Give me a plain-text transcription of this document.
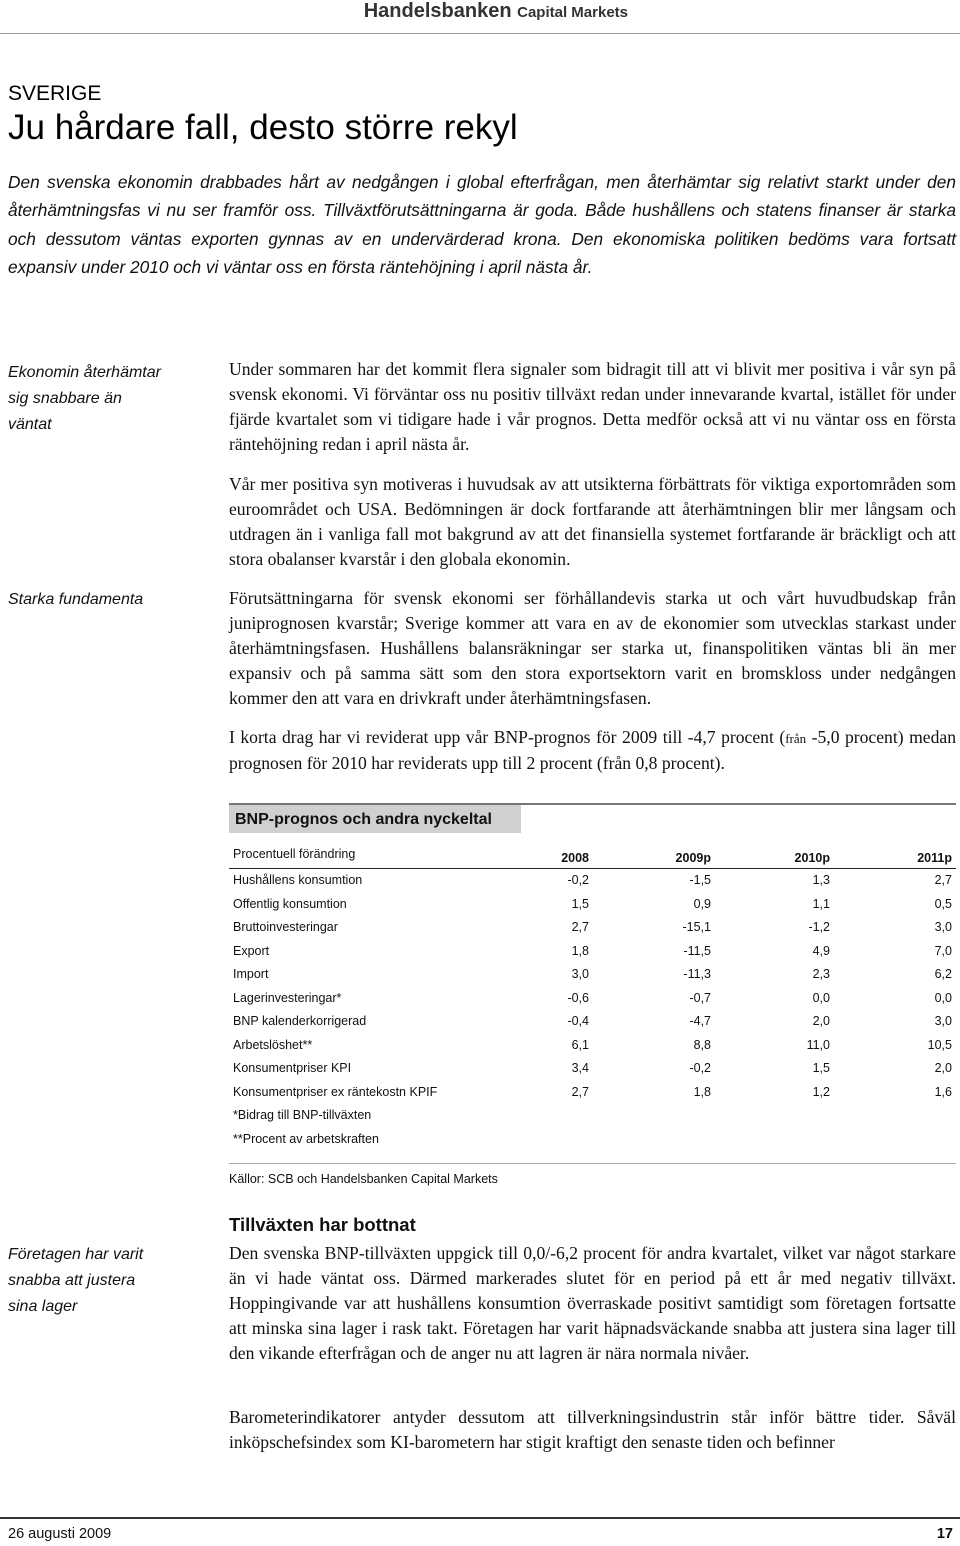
Handelsbanken Capital Markets
SVERIGE
Ju hårdare fall, desto större rekyl
Den svenska ekonomin drabbades hårt av nedgången i global efterfrågan, men återhämtar sig relativt starkt under den återhämtningsfas vi nu ser framför oss. Tillväxtförutsättningarna är goda. Både hushållens och statens finanser är starka och dessutom väntas exporten gynnas av en undervärderad krona. Den ekonomiska politiken bedöms vara fortsatt expansiv under 2010 och vi väntar oss en första räntehöjning i april nästa år.
Ekonomin återhämtar sig snabbare än väntat
Starka fundamenta
Företagen har varit snabba att justera sina lager
Under sommaren har det kommit flera signaler som bidragit till att vi blivit mer positiva i vår syn på svensk ekonomi. Vi förväntar oss nu positiv tillväxt redan under innevarande kvartal, istället för under fjärde kvartalet som vi tidigare hade i vår prognos. Detta medför också att vi nu väntar oss en första räntehöjning redan i april nästa år.
Vår mer positiva syn motiveras i huvudsak av att utsikterna förbättrats för viktiga exportområden som euroområdet och USA. Bedömningen är dock fortfarande att återhämtningen blir mer långsam och utdragen än i vanliga fall mot bakgrund av att det finansiella systemet fortfarande är bräckligt och att stora obalanser kvarstår i den globala ekonomin.
Förutsättningarna för svensk ekonomi ser förhållandevis starka ut och vårt huvudbudskap från juniprognosen kvarstår; Sverige kommer att vara en av de ekonomier som utvecklas starkast under återhämtningsfasen. Hushållens balansräkningar ser starka ut, finanspolitiken väntas bli än mer expansiv och på samma sätt som den stora exportsektorn varit en bromskloss under nedgången kommer den att vara en drivkraft under återhämtningsfasen.
I korta drag har vi reviderat upp vår BNP-prognos för 2009 till -4,7 procent (från -5,0 procent) medan prognosen för 2010 har reviderats upp till 2 procent (från 0,8 procent).
BNP-prognos och andra nyckeltal
Procentuell förändring	2008	2009p	2010p	2011p
Hushållens konsumtion	-0,2	-1,5	1,3	2,7
Offentlig konsumtion	1,5	0,9	1,1	0,5
Bruttoinvesteringar	2,7	-15,1	-1,2	3,0
Export	1,8	-11,5	4,9	7,0
Import	3,0	-11,3	2,3	6,2
Lagerinvesteringar*	-0,6	-0,7	0,0	0,0
BNP kalenderkorrigerad	-0,4	-4,7	2,0	3,0
Arbetslöshet**	6,1	8,8	11,0	10,5
Konsumentpriser KPI	3,4	-0,2	1,5	2,0
Konsumentpriser ex räntekostn KPIF	2,7	1,8	1,2	1,6
*Bidrag till BNP-tillväxten
**Procent av arbetskraften
Källor: SCB och Handelsbanken Capital Markets
Tillväxten har bottnat
Den svenska BNP-tillväxten uppgick till 0,0/-6,2 procent för andra kvartalet, vilket var något starkare än vi hade väntat oss. Därmed markerades slutet för en period på ett år med negativ tillväxt. Hoppingivande var att hushållens konsumtion överraskade positivt samtidigt som företagen fortsatte att minska sina lager i rask takt. Företagen har varit häpnadsväckande snabba att justera sina lager till den vikande efterfrågan och de anger nu att lagren är nära normala nivåer.
Barometerindikatorer antyder dessutom att tillverkningsindustrin står inför bättre tider. Såväl inköpschefsindex som KI-barometern har stigit kraftigt den senaste tiden och befinner
26 augusti 2009	17
